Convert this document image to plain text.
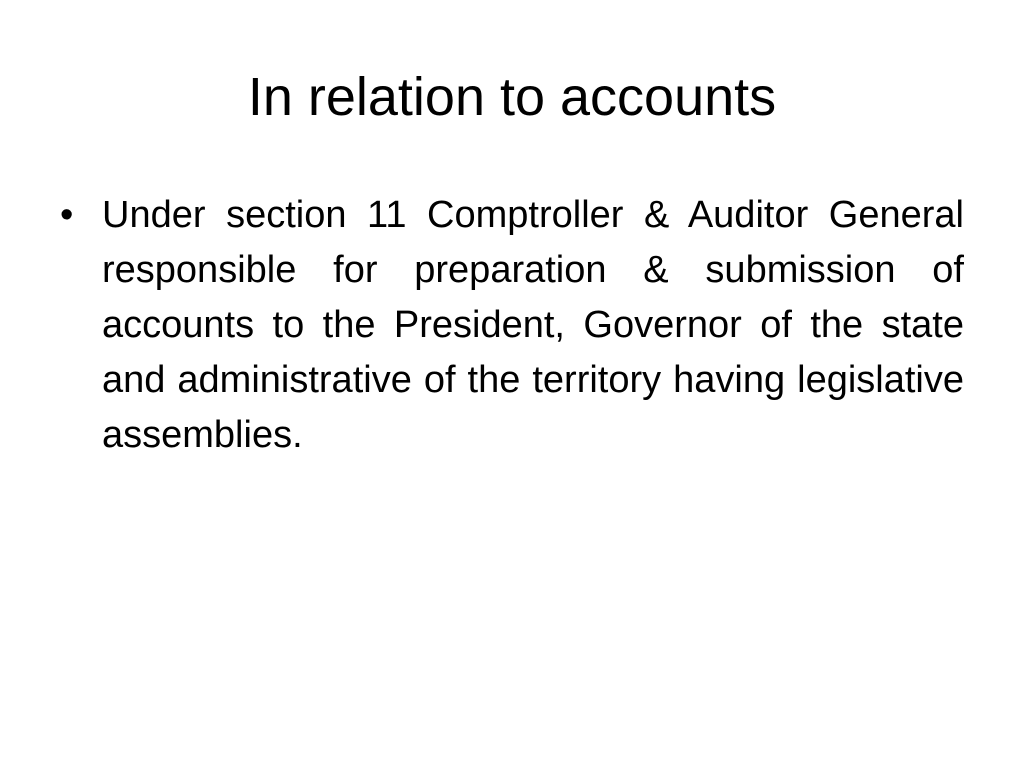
In relation to accounts
• Under section 11 Comptroller & Auditor General responsible for preparation & submission of accounts to the President, Governor of the state and administrative of the territory having legislative assemblies.
